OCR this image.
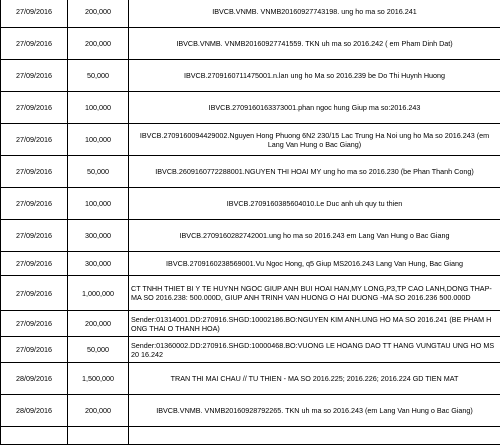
27/09/2016	200,000	IBVCB.VNMB. VNMB20160927743198. ung ho ma so 2016.241
27/09/2016	200,000	IBVCB.VNMB. VNMB20160927741559. TKN uh ma so 2016.242 ( em Pham Dinh Dat)
27/09/2016	50,000	IBVCB.2709160711475001.n.lan ung ho Ma so 2016.239 be Do Thi Huynh Huong
27/09/2016	100,000	IBVCB.2709160163373001.phan ngoc hung Giup ma so:2016.243
27/09/2016	100,000	IBVCB.2709160094429002.Nguyen Hong Phuong 6N2 230/15 Lac Trung Ha Noi ung ho Ma so 2016.243 (em Lang Van Hung o Bac Giang)
27/09/2016	50,000	IBVCB.2609160772288001.NGUYEN THI HOAI MY ung ho ma so 2016.230 (be Phan Thanh Cong)
27/09/2016	100,000	IBVCB.2709160385604010.Le Duc anh uh quy tu thien
27/09/2016	300,000	IBVCB.2709160282742001.ung ho ma so 2016.243 em Lang Van Hung o Bac Giang
27/09/2016	300,000	IBVCB.2709160238569001.Vu Ngoc Hong, q5 Giup MS2016.243 Lang Van Hung, Bac Giang
27/09/2016	1,000,000	CT TNHH THIET BI Y TE HUYNH NGOC GIUP ANH BUI HOAI HAN,MY LONG,P3,TP CAO LANH,DONG THAP-MA SO 2016.238: 500.000D, GIUP ANH TRINH VAN HUONG O HAI DUONG -MA SO 2016.236 500.000D
27/09/2016	200,000	Sender:01314001.DD:270916.SHGD:10002186.BO:NGUYEN KIM ANH.UNG HO MA SO 2016.241 (BE PHAM H ONG THAI O THANH HOA)
27/09/2016	50,000	Sender:01360002.DD:270916.SHGD:10000468.BO:VUONG LE HOANG DAO TT HANG VUNGTAU UNG HO MS 20 16.242
28/09/2016	1,500,000	TRAN THI MAI CHAU // TU THIEN - MA SO 2016.225; 2016.226; 2016.224 GD TIEN MAT
28/09/2016	200,000	IBVCB.VNMB. VNMB20160928792265. TKN uh ma so 2016.243 (em Lang Van Hung o Bac Giang)
